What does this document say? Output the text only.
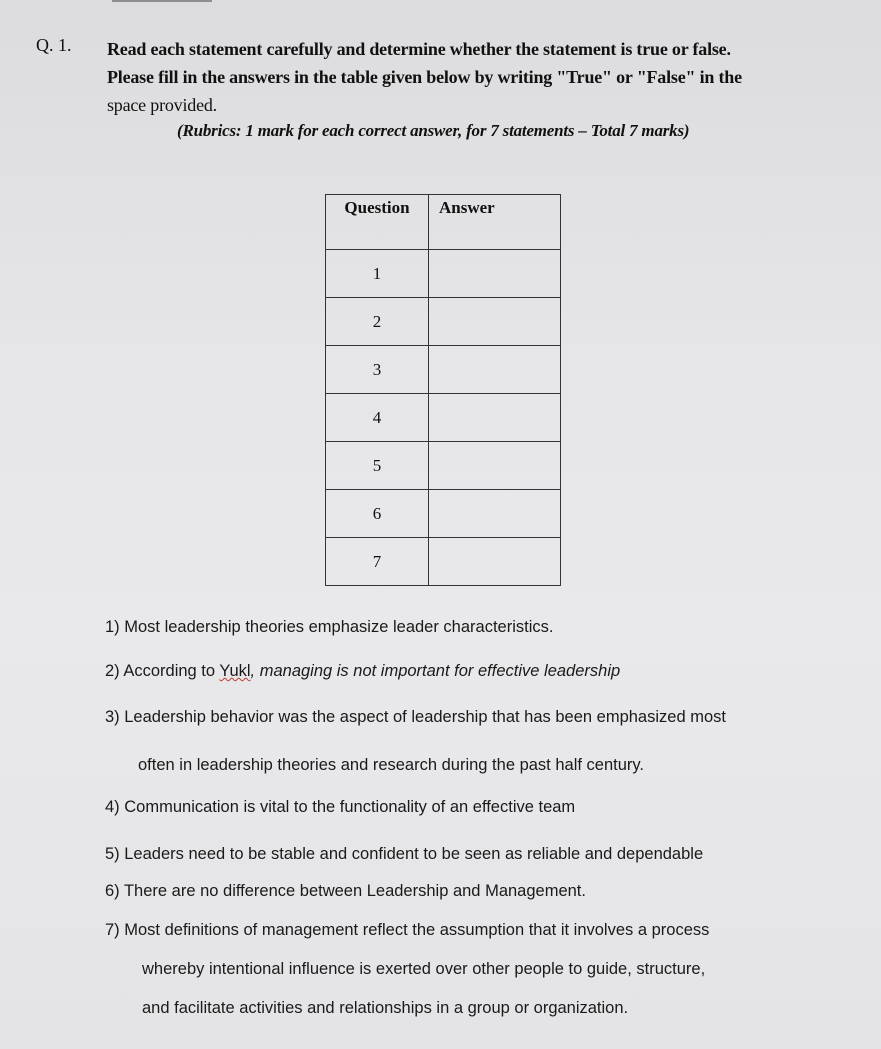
Q. 1. Read each statement carefully and determine whether the statement is true or false.
Please fill in the answers in the table given below by writing "True" or "False" in the
space provided.
(Rubrics: 1 mark for each correct answer, for 7 statements – Total 7 marks)
Question	Answer
1	
2	
3	
4	
5	
6	
7	
1) Most leadership theories emphasize leader characteristics.
2) According to Yukl, managing is not important for effective leadership
3) Leadership behavior was the aspect of leadership that has been emphasized most
often in leadership theories and research during the past half century.
4) Communication is vital to the functionality of an effective team
5) Leaders need to be stable and confident to be seen as reliable and dependable
6) There are no difference between Leadership and Management.
7) Most definitions of management reflect the assumption that it involves a process
whereby intentional influence is exerted over other people to guide, structure,
and facilitate activities and relationships in a group or organization.
